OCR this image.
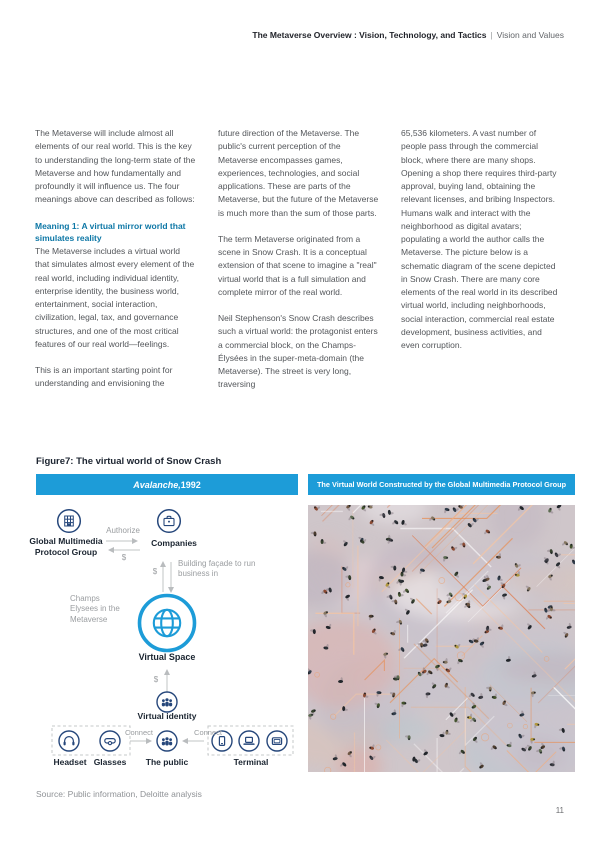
The Metaverse Overview : Vision, Technology, and Tactics | Vision and Values

The Metaverse will include almost all elements of our real world. This is the key to understanding the long-term state of the Metaverse and how fundamentally and profoundly it will influence us. The four meanings above can described as follows:

Meaning 1: A virtual mirror world that simulates reality

The Metaverse includes a virtual world that simulates almost every element of the real world, including individual identity, enterprise identity, the business world, entertainment, social interaction, civilization, legal, tax, and governance structures, and one of the most critical features of our real world—feelings.

This is an important starting point for understanding and envisioning the

future direction of the Metaverse. The public's current perception of the Metaverse encompasses games, experiences, technologies, and social applications. These are parts of the Metaverse, but the future of the Metaverse is much more than the sum of those parts.

The term Metaverse originated from a scene in Snow Crash. It is a conceptual extension of that scene to imagine a "real" virtual world that is a full simulation and complete mirror of the real world.

Neil Stephenson's Snow Crash describes such a virtual world: the protagonist enters a commercial block, on the Champs-Élysées in the super-meta-domain (the Metaverse). The street is very long, traversing

65,536 kilometers. A vast number of people pass through the commercial block, where there are many shops. Opening a shop there requires third-party approval, buying land, obtaining the relevant licenses, and bribing Inspectors. Humans walk and interact with the neighborhood as digital avatars; populating a world the author calls the Metaverse. The picture below is a schematic diagram of the scene depicted in Snow Crash. There are many core elements of the real world in its described virtual world, including neighborhoods, social interaction, commercial real estate development, business activities, and even corruption.

Figure7: The virtual world of Snow Crash
Avalanche, 1992	The Virtual World Constructed by the Global Multimedia Protocol Group
Global Multimedia Protocol Group
Companies
Authorize
$
$
Building façade to run business in
Champs Elysees in the Metaverse
Virtual Space
$
Virtual identity
Connect	Connect
Headset Glasses The public	Terminal
Source: Public information, Deloitte analysis
11
